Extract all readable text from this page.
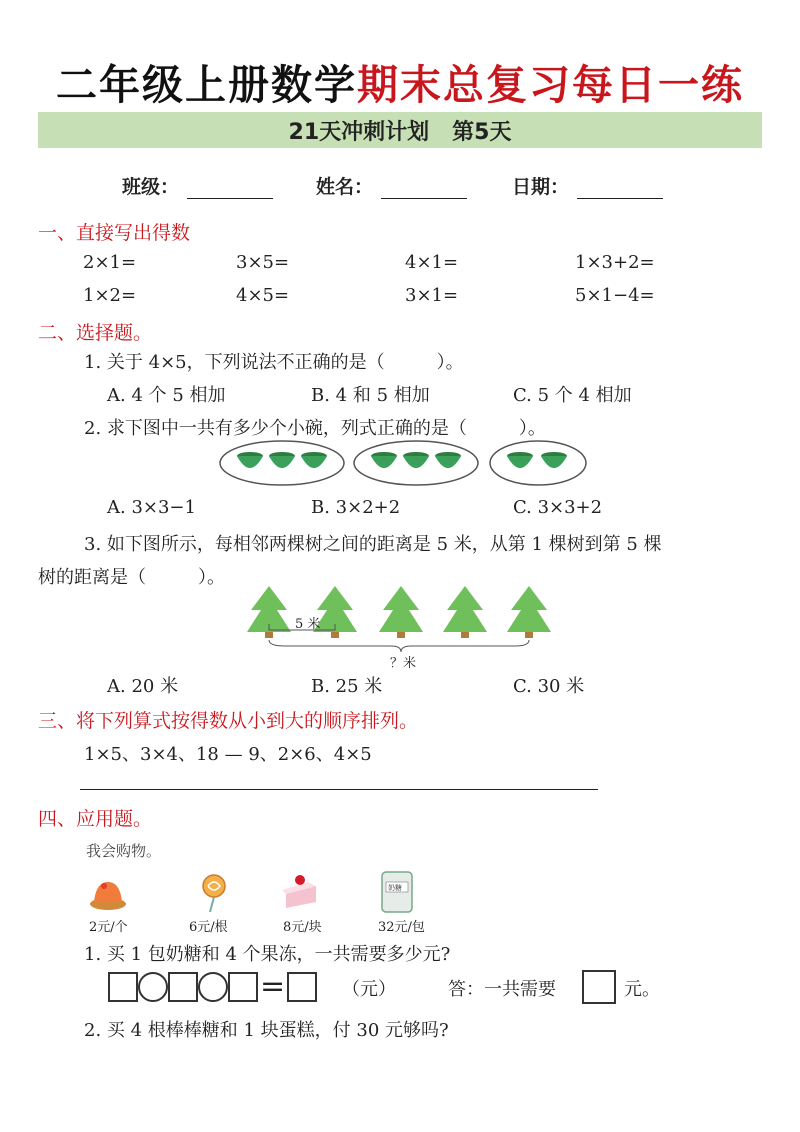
二年级上册数学期末总复习每日一练
21天冲刺计划   第5天
班级：	姓名：	日期：
一、直接写出得数
2×1=	3×5=	4×1=	1×3+2=
1×2=	4×5=	3×1=	5×1−4=
二、选择题。
1. 关于 4×5，下列说法不正确的是（	）。
A. 4 个 5 相加	B. 4 和 5 相加	C. 5 个 4 相加
2. 求下图中一共有多少个小碗，列式正确的是（	）。
A. 3×3−1	B. 3×2+2	C. 3×3+2
3. 如下图所示，每相邻两棵树之间的距离是 5 米，从第 1 棵树到第 5 棵
树的距离是（	）。
5 米
？米
A. 20 米	B. 25 米	C. 30 米
三、将下列算式按得数从小到大的顺序排列。
1×5、3×4、18 — 9、2×6、4×5
四、应用题。
我会购物。
奶糖
2元/个	6元/根	8元/块	32元/包
1. 买 1 包奶糖和 4 个果冻，一共需要多少元?
=	（元）	答：一共需要	元。
2. 买 4 根棒棒糖和 1 块蛋糕，付 30 元够吗?
